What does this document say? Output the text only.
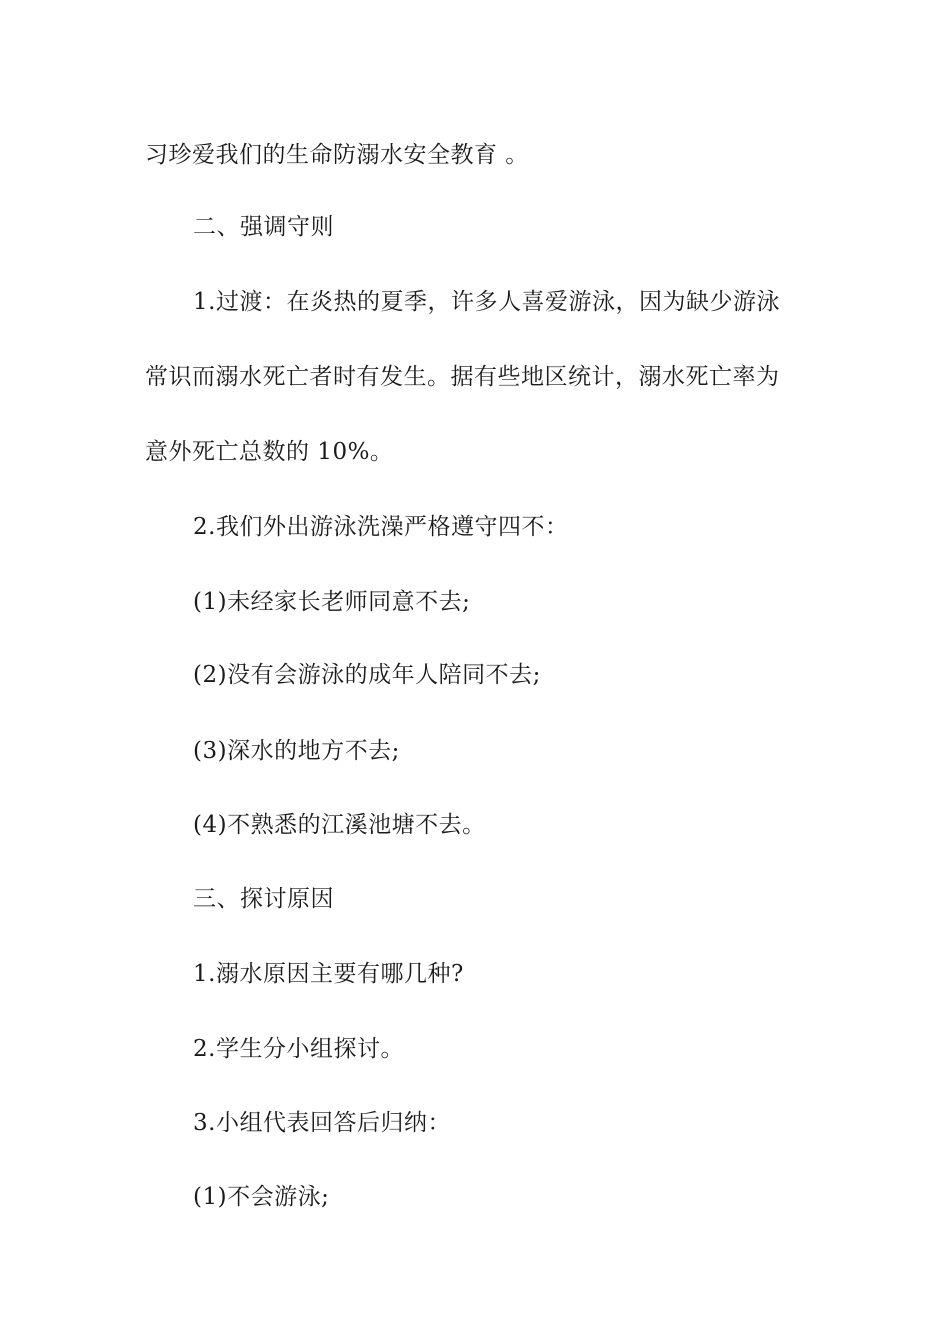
习珍爱我们的生命防溺水安全教育 。
二、强调守则
1.过渡：在炎热的夏季，许多人喜爱游泳，因为缺少游泳
常识而溺水死亡者时有发生。据有些地区统计，溺水死亡率为
意外死亡总数的 10%。
2.我们外出游泳洗澡严格遵守四不：
(1)未经家长老师同意不去;
(2)没有会游泳的成年人陪同不去;
(3)深水的地方不去;
(4)不熟悉的江溪池塘不去。
三、探讨原因
1.溺水原因主要有哪几种?
2.学生分小组探讨。
3.小组代表回答后归纳：
(1)不会游泳;
